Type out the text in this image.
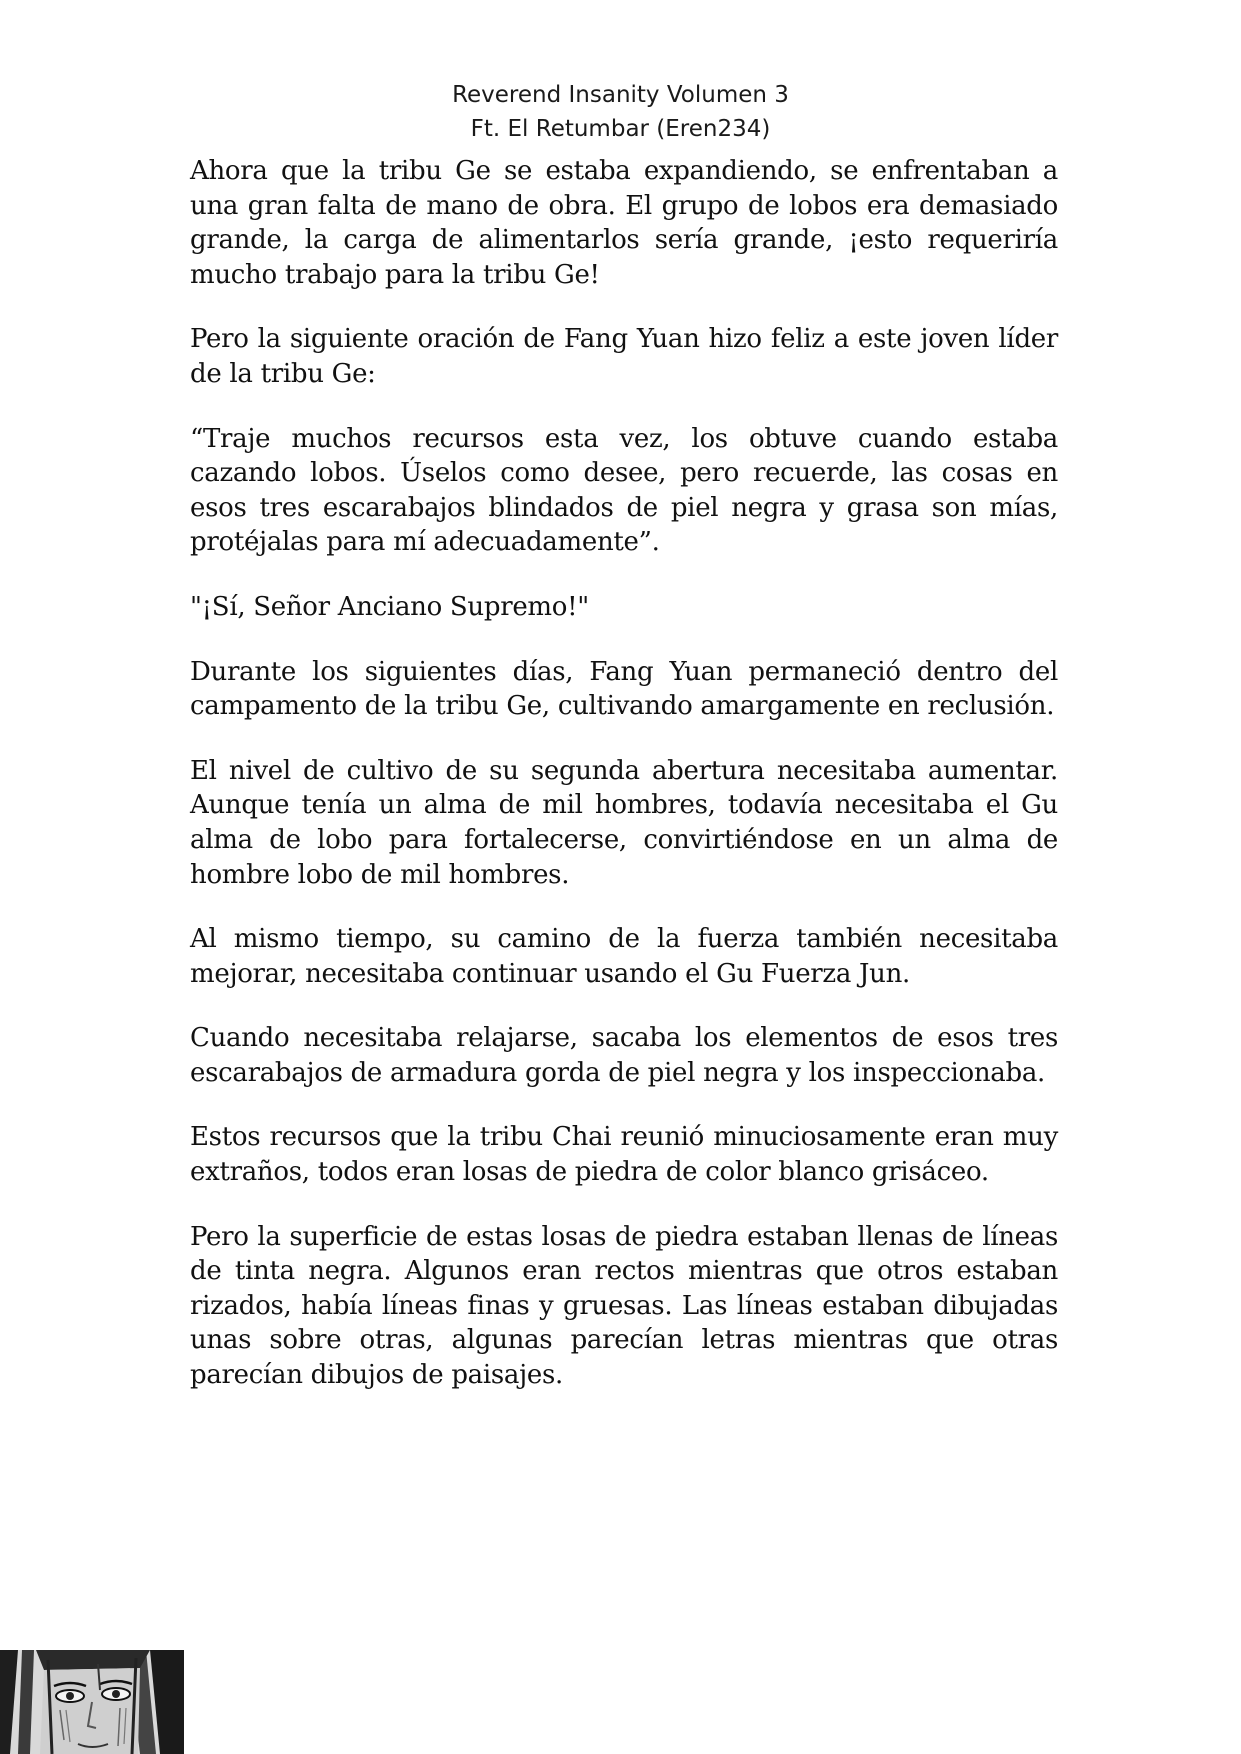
Reverend Insanity Volumen 3
Ft. El Retumbar (Eren234)

Ahora que la tribu Ge se estaba expandiendo, se enfrentaban a una gran falta de mano de obra. El grupo de lobos era demasiado grande, la carga de alimentarlos sería grande, ¡esto requeriría mucho trabajo para la tribu Ge!

Pero la siguiente oración de Fang Yuan hizo feliz a este joven líder de la tribu Ge:

“Traje muchos recursos esta vez, los obtuve cuando estaba cazando lobos. Úselos como desee, pero recuerde, las cosas en esos tres escarabajos blindados de piel negra y grasa son mías, protéjalas para mí adecuadamente”.

"¡Sí, Señor Anciano Supremo!"

Durante los siguientes días, Fang Yuan permaneció dentro del campamento de la tribu Ge, cultivando amargamente en reclusión.

El nivel de cultivo de su segunda abertura necesitaba aumentar. Aunque tenía un alma de mil hombres, todavía necesitaba el Gu alma de lobo para fortalecerse, convirtiéndose en un alma de hombre lobo de mil hombres.

Al mismo tiempo, su camino de la fuerza también necesitaba mejorar, necesitaba continuar usando el Gu Fuerza Jun.

Cuando necesitaba relajarse, sacaba los elementos de esos tres escarabajos de armadura gorda de piel negra y los inspeccionaba.

Estos recursos que la tribu Chai reunió minuciosamente eran muy extraños, todos eran losas de piedra de color blanco grisáceo.

Pero la superficie de estas losas de piedra estaban llenas de líneas de tinta negra. Algunos eran rectos mientras que otros estaban rizados, había líneas finas y gruesas. Las líneas estaban dibujadas unas sobre otras, algunas parecían letras mientras que otras parecían dibujos de paisajes.
